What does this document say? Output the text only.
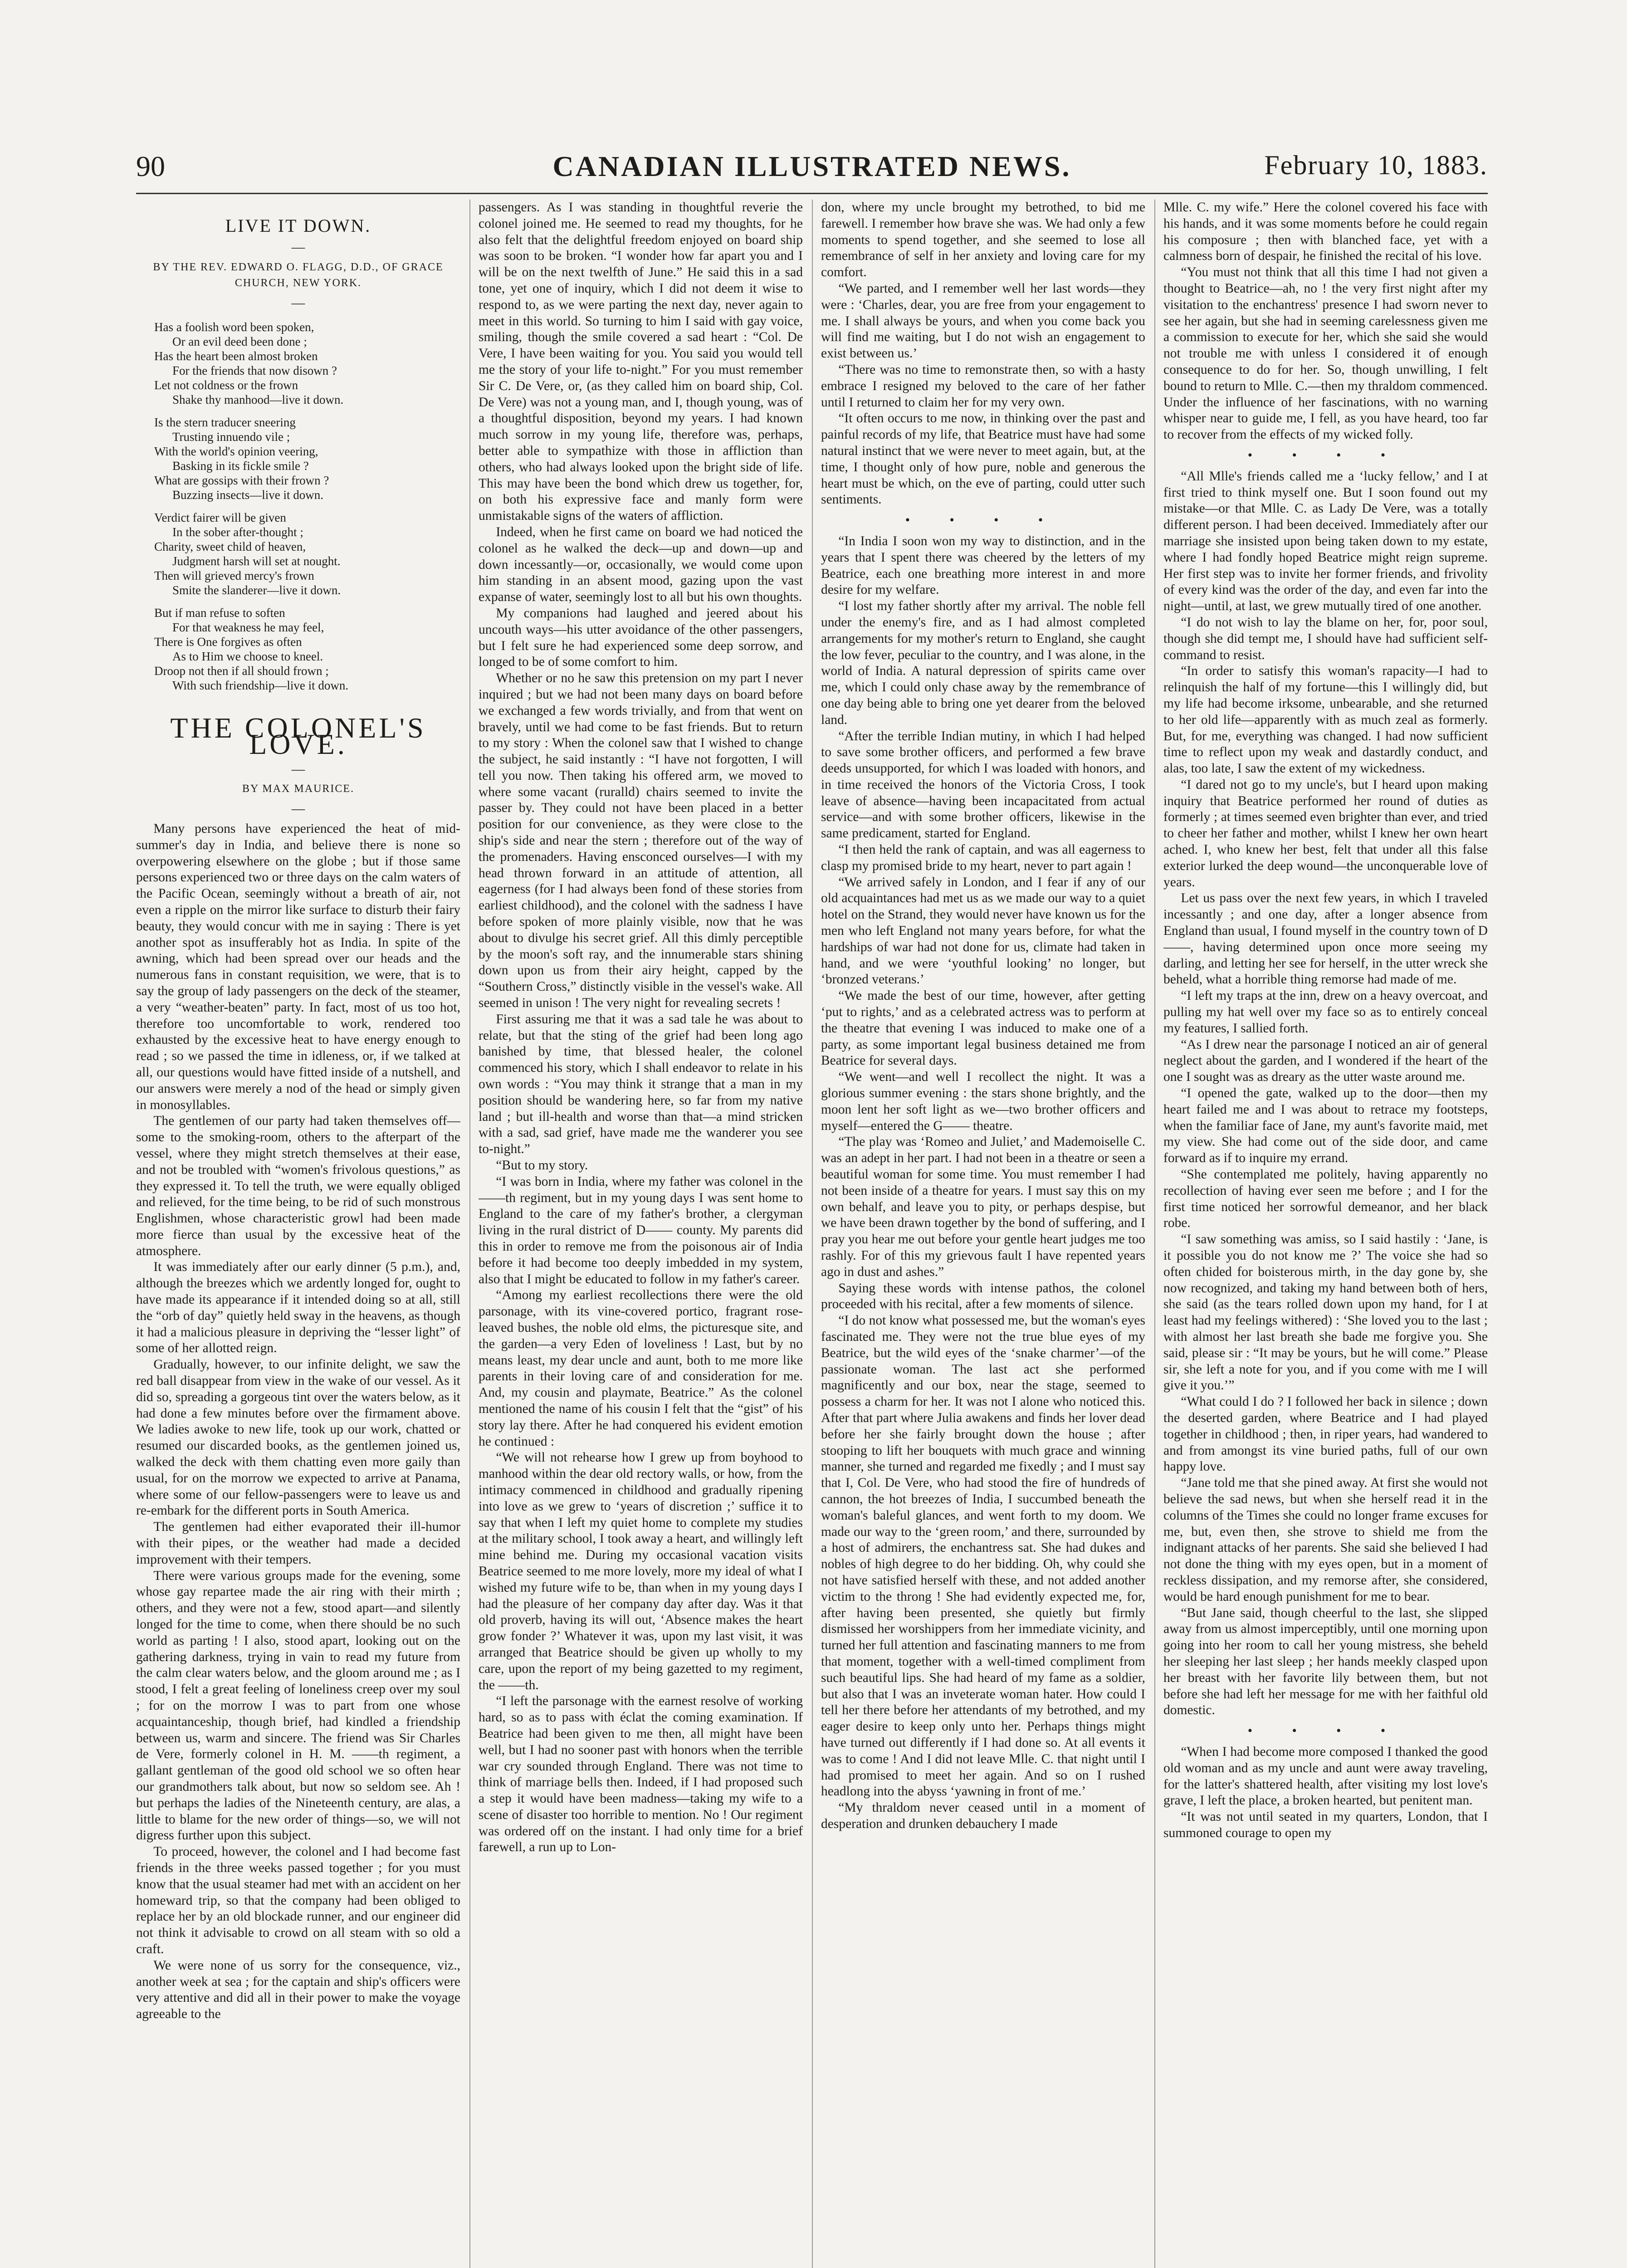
90	CANADIAN ILLUSTRATED NEWS.	February 10, 1883.
LIVE IT DOWN.
—
BY THE REV. EDWARD O. FLAGG, D.D., OF GRACE CHURCH, NEW YORK.
—
Has a foolish word been spoken,
Or an evil deed been done ;
Has the heart been almost broken
For the friends that now disown ?
Let not coldness or the frown
Shake thy manhood—live it down.
Is the stern traducer sneering
Trusting innuendo vile ;
With the world's opinion veering,
Basking in its fickle smile ?
What are gossips with their frown ?
Buzzing insects—live it down.
Verdict fairer will be given
In the sober after-thought ;
Charity, sweet child of heaven,
Judgment harsh will set at nought.
Then will grieved mercy's frown
Smite the slanderer—live it down.
But if man refuse to soften
For that weakness he may feel,
There is One forgives as often
As to Him we choose to kneel.
Droop not then if all should frown ;
With such friendship—live it down.
THE COLONEL'S LOVE.
—
BY MAX MAURICE.
—

Many persons have experienced the heat of mid-summer's day in India, and believe there is none so overpowering elsewhere on the globe ; but if those same persons experienced two or three days on the calm waters of the Pacific Ocean, seemingly without a breath of air, not even a ripple on the mirror like surface to disturb their fairy beauty, they would concur with me in saying : There is yet another spot as insufferably hot as India. In spite of the awning, which had been spread over our heads and the numerous fans in constant requisition, we were, that is to say the group of lady passengers on the deck of the steamer, a very “weather-beaten” party. In fact, most of us too hot, therefore too uncomfortable to work, rendered too exhausted by the excessive heat to have energy enough to read ; so we passed the time in idleness, or, if we talked at all, our questions would have fitted inside of a nutshell, and our answers were merely a nod of the head or simply given in monosyllables.

The gentlemen of our party had taken themselves off—some to the smoking-room, others to the afterpart of the vessel, where they might stretch themselves at their ease, and not be troubled with “women's frivolous questions,” as they expressed it. To tell the truth, we were equally obliged and relieved, for the time being, to be rid of such monstrous Englishmen, whose characteristic growl had been made more fierce than usual by the excessive heat of the atmosphere.

It was immediately after our early dinner (5 p.m.), and, although the breezes which we ardently longed for, ought to have made its appearance if it intended doing so at all, still the “orb of day” quietly held sway in the heavens, as though it had a malicious pleasure in depriving the “lesser light” of some of her allotted reign.

Gradually, however, to our infinite delight, we saw the red ball disappear from view in the wake of our vessel. As it did so, spreading a gorgeous tint over the waters below, as it had done a few minutes before over the firmament above. We ladies awoke to new life, took up our work, chatted or resumed our discarded books, as the gentlemen joined us, walked the deck with them chatting even more gaily than usual, for on the morrow we expected to arrive at Panama, where some of our fellow-passengers were to leave us and re-embark for the different ports in South America.

The gentlemen had either evaporated their ill-humor with their pipes, or the weather had made a decided improvement with their tempers.

There were various groups made for the evening, some whose gay repartee made the air ring with their mirth ; others, and they were not a few, stood apart—and silently longed for the time to come, when there should be no such world as parting ! I also, stood apart, looking out on the gathering darkness, trying in vain to read my future from the calm clear waters below, and the gloom around me ; as I stood, I felt a great feeling of loneliness creep over my soul ; for on the morrow I was to part from one whose acquaintanceship, though brief, had kindled a friendship between us, warm and sincere. The friend was Sir Charles de Vere, formerly colonel in H. M. ——th regiment, a gallant gentleman of the good old school we so often hear our grandmothers talk about, but now so seldom see. Ah ! but perhaps the ladies of the Nineteenth century, are alas, a little to blame for the new order of things—so, we will not digress further upon this subject.

To proceed, however, the colonel and I had become fast friends in the three weeks passed together ; for you must know that the usual steamer had met with an accident on her homeward trip, so that the company had been obliged to replace her by an old blockade runner, and our engineer did not think it advisable to crowd on all steam with so old a craft.

We were none of us sorry for the consequence, viz., another week at sea ; for the captain and ship's officers were very attentive and did all in their power to make the voyage agreeable to the

passengers. As I was standing in thoughtful reverie the colonel joined me. He seemed to read my thoughts, for he also felt that the delightful freedom enjoyed on board ship was soon to be broken. “I wonder how far apart you and I will be on the next twelfth of June.” He said this in a sad tone, yet one of inquiry, which I did not deem it wise to respond to, as we were parting the next day, never again to meet in this world. So turning to him I said with gay voice, smiling, though the smile covered a sad heart : “Col. De Vere, I have been waiting for you. You said you would tell me the story of your life to-night.” For you must remember Sir C. De Vere, or, (as they called him on board ship, Col. De Vere) was not a young man, and I, though young, was of a thoughtful disposition, beyond my years. I had known much sorrow in my young life, therefore was, perhaps, better able to sympathize with those in affliction than others, who had always looked upon the bright side of life. This may have been the bond which drew us together, for, on both his expressive face and manly form were unmistakable signs of the waters of affliction.

Indeed, when he first came on board we had noticed the colonel as he walked the deck—up and down—up and down incessantly—or, occasionally, we would come upon him standing in an absent mood, gazing upon the vast expanse of water, seemingly lost to all but his own thoughts.

My companions had laughed and jeered about his uncouth ways—his utter avoidance of the other passengers, but I felt sure he had experienced some deep sorrow, and longed to be of some comfort to him.

Whether or no he saw this pretension on my part I never inquired ; but we had not been many days on board before we exchanged a few words trivially, and from that went on bravely, until we had come to be fast friends. But to return to my story : When the colonel saw that I wished to change the subject, he said instantly : “I have not forgotten, I will tell you now. Then taking his offered arm, we moved to where some vacant (ruralld) chairs seemed to invite the passer by. They could not have been placed in a better position for our convenience, as they were close to the ship's side and near the stern ; therefore out of the way of the promenaders. Having ensconced ourselves—I with my head thrown forward in an attitude of attention, all eagerness (for I had always been fond of these stories from earliest childhood), and the colonel with the sadness I have before spoken of more plainly visible, now that he was about to divulge his secret grief. All this dimly perceptible by the moon's soft ray, and the innumerable stars shining down upon us from their airy height, capped by the “Southern Cross,” distinctly visible in the vessel's wake. All seemed in unison ! The very night for revealing secrets !

First assuring me that it was a sad tale he was about to relate, but that the sting of the grief had been long ago banished by time, that blessed healer, the colonel commenced his story, which I shall endeavor to relate in his own words : “You may think it strange that a man in my position should be wandering here, so far from my native land ; but ill-health and worse than that—a mind stricken with a sad, sad grief, have made me the wanderer you see to-night.”

“But to my story.

“I was born in India, where my father was colonel in the ——th regiment, but in my young days I was sent home to England to the care of my father's brother, a clergyman living in the rural district of D—— county. My parents did this in order to remove me from the poisonous air of India before it had become too deeply imbedded in my system, also that I might be educated to follow in my father's career.

“Among my earliest recollections there were the old parsonage, with its vine-covered portico, fragrant rose-leaved bushes, the noble old elms, the picturesque site, and the garden—a very Eden of loveliness ! Last, but by no means least, my dear uncle and aunt, both to me more like parents in their loving care of and consideration for me. And, my cousin and playmate, Beatrice.” As the colonel mentioned the name of his cousin I felt that the “gist” of his story lay there. After he had conquered his evident emotion he continued :

“We will not rehearse how I grew up from boyhood to manhood within the dear old rectory walls, or how, from the intimacy commenced in childhood and gradually ripening into love as we grew to ‘years of discretion ;’ suffice it to say that when I left my quiet home to complete my studies at the military school, I took away a heart, and willingly left mine behind me. During my occasional vacation visits Beatrice seemed to me more lovely, more my ideal of what I wished my future wife to be, than when in my young days I had the pleasure of her company day after day. Was it that old proverb, having its will out, ‘Absence makes the heart grow fonder ?’ Whatever it was, upon my last visit, it was arranged that Beatrice should be given up wholly to my care, upon the report of my being gazetted to my regiment, the ——th.

“I left the parsonage with the earnest resolve of working hard, so as to pass with éclat the coming examination. If Beatrice had been given to me then, all might have been well, but I had no sooner past with honors when the terrible war cry sounded through England. There was not time to think of marriage bells then. Indeed, if I had proposed such a step it would have been madness—taking my wife to a scene of disaster too horrible to mention. No ! Our regiment was ordered off on the instant. I had only time for a brief farewell, a run up to Lon-

don, where my uncle brought my betrothed, to bid me farewell. I remember how brave she was. We had only a few moments to spend together, and she seemed to lose all remembrance of self in her anxiety and loving care for my comfort.

“We parted, and I remember well her last words—they were : ‘Charles, dear, you are free from your engagement to me. I shall always be yours, and when you come back you will find me waiting, but I do not wish an engagement to exist between us.’

“There was no time to remonstrate then, so with a hasty embrace I resigned my beloved to the care of her father until I returned to claim her for my very own.

“It often occurs to me now, in thinking over the past and painful records of my life, that Beatrice must have had some natural instinct that we were never to meet again, but, at the time, I thought only of how pure, noble and generous the heart must be which, on the eve of parting, could utter such sentiments.

• • • •

“In India I soon won my way to distinction, and in the years that I spent there was cheered by the letters of my Beatrice, each one breathing more interest in and more desire for my welfare.

“I lost my father shortly after my arrival. The noble fell under the enemy's fire, and as I had almost completed arrangements for my mother's return to England, she caught the low fever, peculiar to the country, and I was alone, in the world of India. A natural depression of spirits came over me, which I could only chase away by the remembrance of one day being able to bring one yet dearer from the beloved land.

“After the terrible Indian mutiny, in which I had helped to save some brother officers, and performed a few brave deeds unsupported, for which I was loaded with honors, and in time received the honors of the Victoria Cross, I took leave of absence—having been incapacitated from actual service—and with some brother officers, likewise in the same predicament, started for England.

“I then held the rank of captain, and was all eagerness to clasp my promised bride to my heart, never to part again !

“We arrived safely in London, and I fear if any of our old acquaintances had met us as we made our way to a quiet hotel on the Strand, they would never have known us for the men who left England not many years before, for what the hardships of war had not done for us, climate had taken in hand, and we were ‘youthful looking’ no longer, but ‘bronzed veterans.’

“We made the best of our time, however, after getting ‘put to rights,’ and as a celebrated actress was to perform at the theatre that evening I was induced to make one of a party, as some important legal business detained me from Beatrice for several days.

“We went—and well I recollect the night. It was a glorious summer evening : the stars shone brightly, and the moon lent her soft light as we—two brother officers and myself—entered the G—— theatre.

“The play was ‘Romeo and Juliet,’ and Mademoiselle C. was an adept in her part. I had not been in a theatre or seen a beautiful woman for some time. You must remember I had not been inside of a theatre for years. I must say this on my own behalf, and leave you to pity, or perhaps despise, but we have been drawn together by the bond of suffering, and I pray you hear me out before your gentle heart judges me too rashly. For of this my grievous fault I have repented years ago in dust and ashes.”

Saying these words with intense pathos, the colonel proceeded with his recital, after a few moments of silence.

“I do not know what possessed me, but the woman's eyes fascinated me. They were not the true blue eyes of my Beatrice, but the wild eyes of the ‘snake charmer’—of the passionate woman. The last act she performed magnificently and our box, near the stage, seemed to possess a charm for her. It was not I alone who noticed this. After that part where Julia awakens and finds her lover dead before her she fairly brought down the house ; after stooping to lift her bouquets with much grace and winning manner, she turned and regarded me fixedly ; and I must say that I, Col. De Vere, who had stood the fire of hundreds of cannon, the hot breezes of India, I succumbed beneath the woman's baleful glances, and went forth to my doom. We made our way to the ‘green room,’ and there, surrounded by a host of admirers, the enchantress sat. She had dukes and nobles of high degree to do her bidding. Oh, why could she not have satisfied herself with these, and not added another victim to the throng ! She had evidently expected me, for, after having been presented, she quietly but firmly dismissed her worshippers from her immediate vicinity, and turned her full attention and fascinating manners to me from that moment, together with a well-timed compliment from such beautiful lips. She had heard of my fame as a soldier, but also that I was an inveterate woman hater. How could I tell her there before her attendants of my betrothed, and my eager desire to keep only unto her. Perhaps things might have turned out differently if I had done so. At all events it was to come ! And I did not leave Mlle. C. that night until I had promised to meet her again. And so on I rushed headlong into the abyss ‘yawning in front of me.’

“My thraldom never ceased until in a moment of desperation and drunken debauchery I made

Mlle. C. my wife.” Here the colonel covered his face with his hands, and it was some moments before he could regain his composure ; then with blanched face, yet with a calmness born of despair, he finished the recital of his love.

“You must not think that all this time I had not given a thought to Beatrice—ah, no ! the very first night after my visitation to the enchantress' presence I had sworn never to see her again, but she had in seeming carelessness given me a commission to execute for her, which she said she would not trouble me with unless I considered it of enough consequence to do for her. So, though unwilling, I felt bound to return to Mlle. C.—then my thraldom commenced. Under the influence of her fascinations, with no warning whisper near to guide me, I fell, as you have heard, too far to recover from the effects of my wicked folly.

• • • •

“All Mlle's friends called me a ‘lucky fellow,’ and I at first tried to think myself one. But I soon found out my mistake—or that Mlle. C. as Lady De Vere, was a totally different person. I had been deceived. Immediately after our marriage she insisted upon being taken down to my estate, where I had fondly hoped Beatrice might reign supreme. Her first step was to invite her former friends, and frivolity of every kind was the order of the day, and even far into the night—until, at last, we grew mutually tired of one another.

“I do not wish to lay the blame on her, for, poor soul, though she did tempt me, I should have had sufficient self-command to resist.

“In order to satisfy this woman's rapacity—I had to relinquish the half of my fortune—this I willingly did, but my life had become irksome, unbearable, and she returned to her old life—apparently with as much zeal as formerly. But, for me, everything was changed. I had now sufficient time to reflect upon my weak and dastardly conduct, and alas, too late, I saw the extent of my wickedness.

“I dared not go to my uncle's, but I heard upon making inquiry that Beatrice performed her round of duties as formerly ; at times seemed even brighter than ever, and tried to cheer her father and mother, whilst I knew her own heart ached. I, who knew her best, felt that under all this false exterior lurked the deep wound—the unconquerable love of years.

Let us pass over the next few years, in which I traveled incessantly ; and one day, after a longer absence from England than usual, I found myself in the country town of D——, having determined upon once more seeing my darling, and letting her see for herself, in the utter wreck she beheld, what a horrible thing remorse had made of me.

“I left my traps at the inn, drew on a heavy overcoat, and pulling my hat well over my face so as to entirely conceal my features, I sallied forth.

“As I drew near the parsonage I noticed an air of general neglect about the garden, and I wondered if the heart of the one I sought was as dreary as the utter waste around me.

“I opened the gate, walked up to the door—then my heart failed me and I was about to retrace my footsteps, when the familiar face of Jane, my aunt's favorite maid, met my view. She had come out of the side door, and came forward as if to inquire my errand.

“She contemplated me politely, having apparently no recollection of having ever seen me before ; and I for the first time noticed her sorrowful demeanor, and her black robe.

“I saw something was amiss, so I said hastily : ‘Jane, is it possible you do not know me ?’ The voice she had so often chided for boisterous mirth, in the day gone by, she now recognized, and taking my hand between both of hers, she said (as the tears rolled down upon my hand, for I at least had my feelings withered) : ‘She loved you to the last ; with almost her last breath she bade me forgive you. She said, please sir : “It may be yours, but he will come.” Please sir, she left a note for you, and if you come with me I will give it you.’”

“What could I do ? I followed her back in silence ; down the deserted garden, where Beatrice and I had played together in childhood ; then, in riper years, had wandered to and from amongst its vine buried paths, full of our own happy love.

“Jane told me that she pined away. At first she would not believe the sad news, but when she herself read it in the columns of the Times she could no longer frame excuses for me, but, even then, she strove to shield me from the indignant attacks of her parents. She said she believed I had not done the thing with my eyes open, but in a moment of reckless dissipation, and my remorse after, she considered, would be hard enough punishment for me to bear.

“But Jane said, though cheerful to the last, she slipped away from us almost imperceptibly, until one morning upon going into her room to call her young mistress, she beheld her sleeping her last sleep ; her hands meekly clasped upon her breast with her favorite lily between them, but not before she had left her message for me with her faithful old domestic.

• • • •

“When I had become more composed I thanked the good old woman and as my uncle and aunt were away traveling, for the latter's shattered health, after visiting my lost love's grave, I left the place, a broken hearted, but penitent man.

“It was not until seated in my quarters, London, that I summoned courage to open my
